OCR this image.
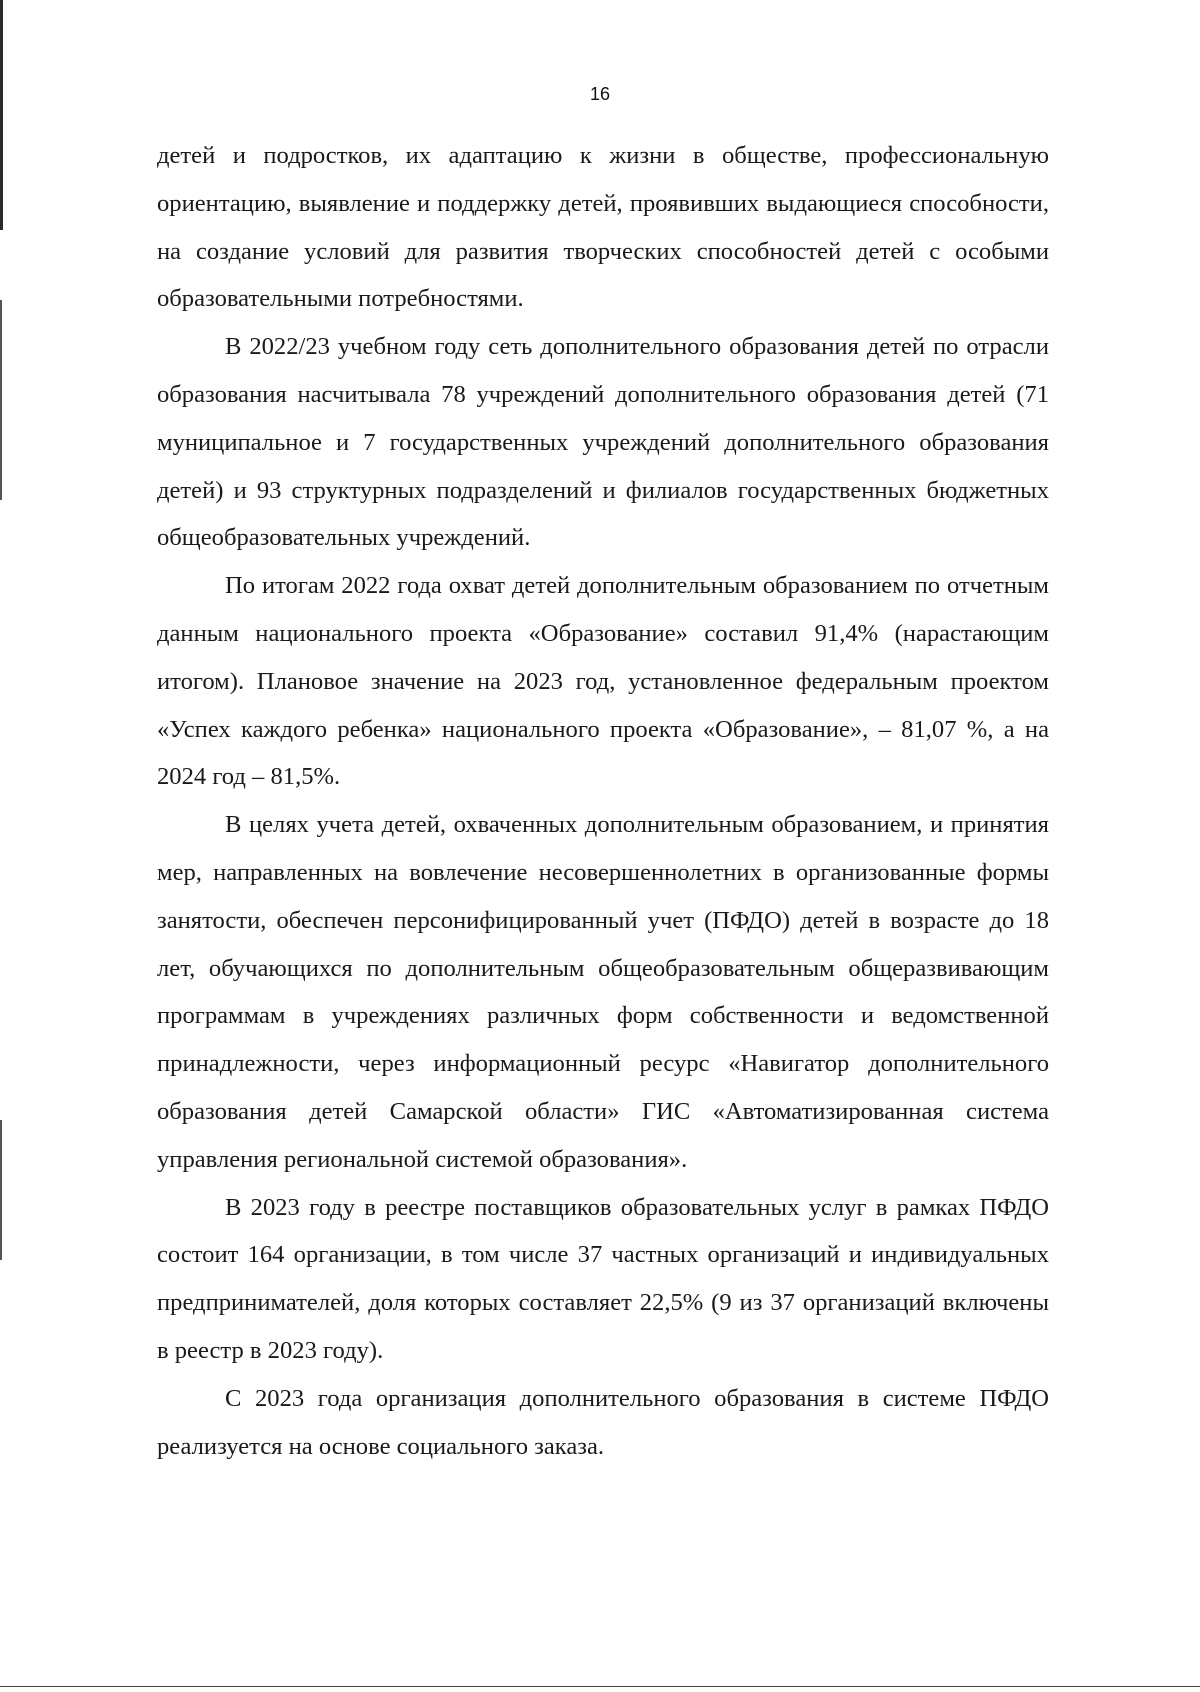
16

детей и подростков, их адаптацию к жизни в обществе, профессиональную ориентацию, выявление и поддержку детей, проявивших выдающиеся способности, на создание условий для развития творческих способностей детей с особыми образовательными потребностями.

В 2022/23 учебном году сеть дополнительного образования детей по отрасли образования насчитывала 78 учреждений дополнительного образования детей (71 муниципальное и 7 государственных учреждений дополнительного образования детей) и 93 структурных подразделений и филиалов государственных бюджетных общеобразовательных учреждений.

По итогам 2022 года охват детей дополнительным образованием по отчетным данным национального проекта «Образование» составил 91,4% (нарастающим итогом). Плановое значение на 2023 год, установленное федеральным проектом «Успех каждого ребенка» национального проекта «Образование», – 81,07 %, а на 2024 год – 81,5%.

В целях учета детей, охваченных дополнительным образованием, и принятия мер, направленных на вовлечение несовершеннолетних в организованные формы занятости, обеспечен персонифицированный учет (ПФДО) детей в возрасте до 18 лет, обучающихся по дополнительным общеобразовательным общеразвивающим программам в учреждениях различных форм собственности и ведомственной принадлежности, через информационный ресурс «Навигатор дополнительного образования детей Самарской области» ГИС «Автоматизированная система управления региональной системой образования».

В 2023 году в реестре поставщиков образовательных услуг в рамках ПФДО состоит 164 организации, в том числе 37 частных организаций и индивидуальных предпринимателей, доля которых составляет 22,5% (9 из 37 организаций включены в реестр в 2023 году).

С 2023 года организация дополнительного образования в системе ПФДО реализуется на основе социального заказа.
